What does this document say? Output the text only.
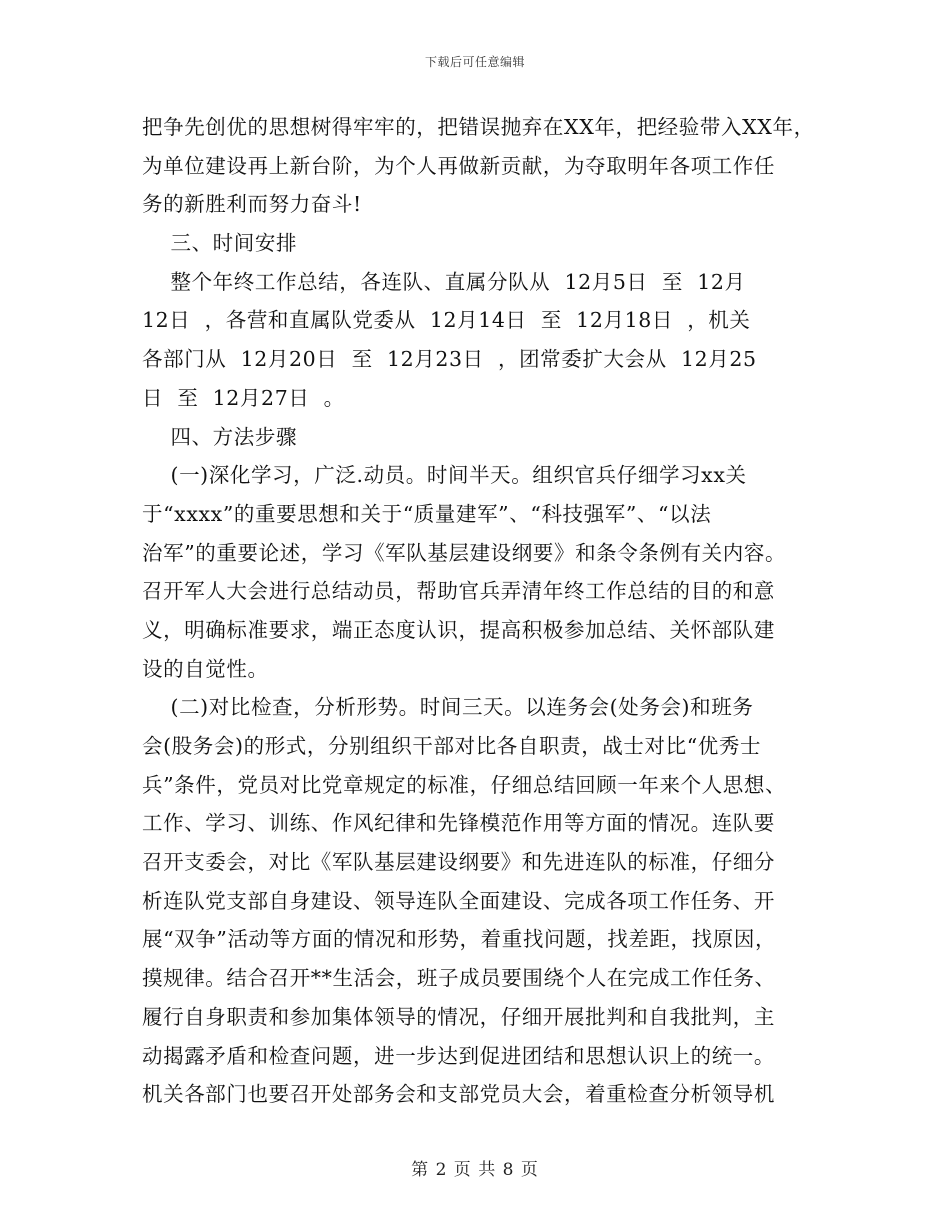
下载后可任意编辑
把争先创优的思想树得牢牢的，把错误抛弃在XX年，把经验带入XX年，
为单位建设再上新台阶，为个人再做新贡献，为夺取明年各项工作任
务的新胜利而努力奋斗!
三、时间安排
整个年终工作总结，各连队、直属分队从  12月5日  至  12月
12日  ，各营和直属队党委从  12月14日  至  12月18日  ，机关
各部门从  12月20日  至  12月23日  ，团常委扩大会从  12月25
日  至  12月27日  。
四、方法步骤
(一)深化学习，广泛.动员。时间半天。组织官兵仔细学习xx关
于“xxxx”的重要思想和关于“质量建军”、“科技强军”、“以法
治军”的重要论述，学习《军队基层建设纲要》和条令条例有关内容。
召开军人大会进行总结动员，帮助官兵弄清年终工作总结的目的和意
义，明确标准要求，端正态度认识，提高积极参加总结、关怀部队建
设的自觉性。
(二)对比检查，分析形势。时间三天。以连务会(处务会)和班务
会(股务会)的形式，分别组织干部对比各自职责，战士对比“优秀士
兵”条件，党员对比党章规定的标准，仔细总结回顾一年来个人思想、
工作、学习、训练、作风纪律和先锋模范作用等方面的情况。连队要
召开支委会，对比《军队基层建设纲要》和先进连队的标准，仔细分
析连队党支部自身建设、领导连队全面建设、完成各项工作任务、开
展“双争”活动等方面的情况和形势，着重找问题，找差距，找原因，
摸规律。结合召开**生活会，班子成员要围绕个人在完成工作任务、
履行自身职责和参加集体领导的情况，仔细开展批判和自我批判，主
动揭露矛盾和检查问题，进一步达到促进团结和思想认识上的统一。
机关各部门也要召开处部务会和支部党员大会，着重检查分析领导机
第 2 页 共 8 页
